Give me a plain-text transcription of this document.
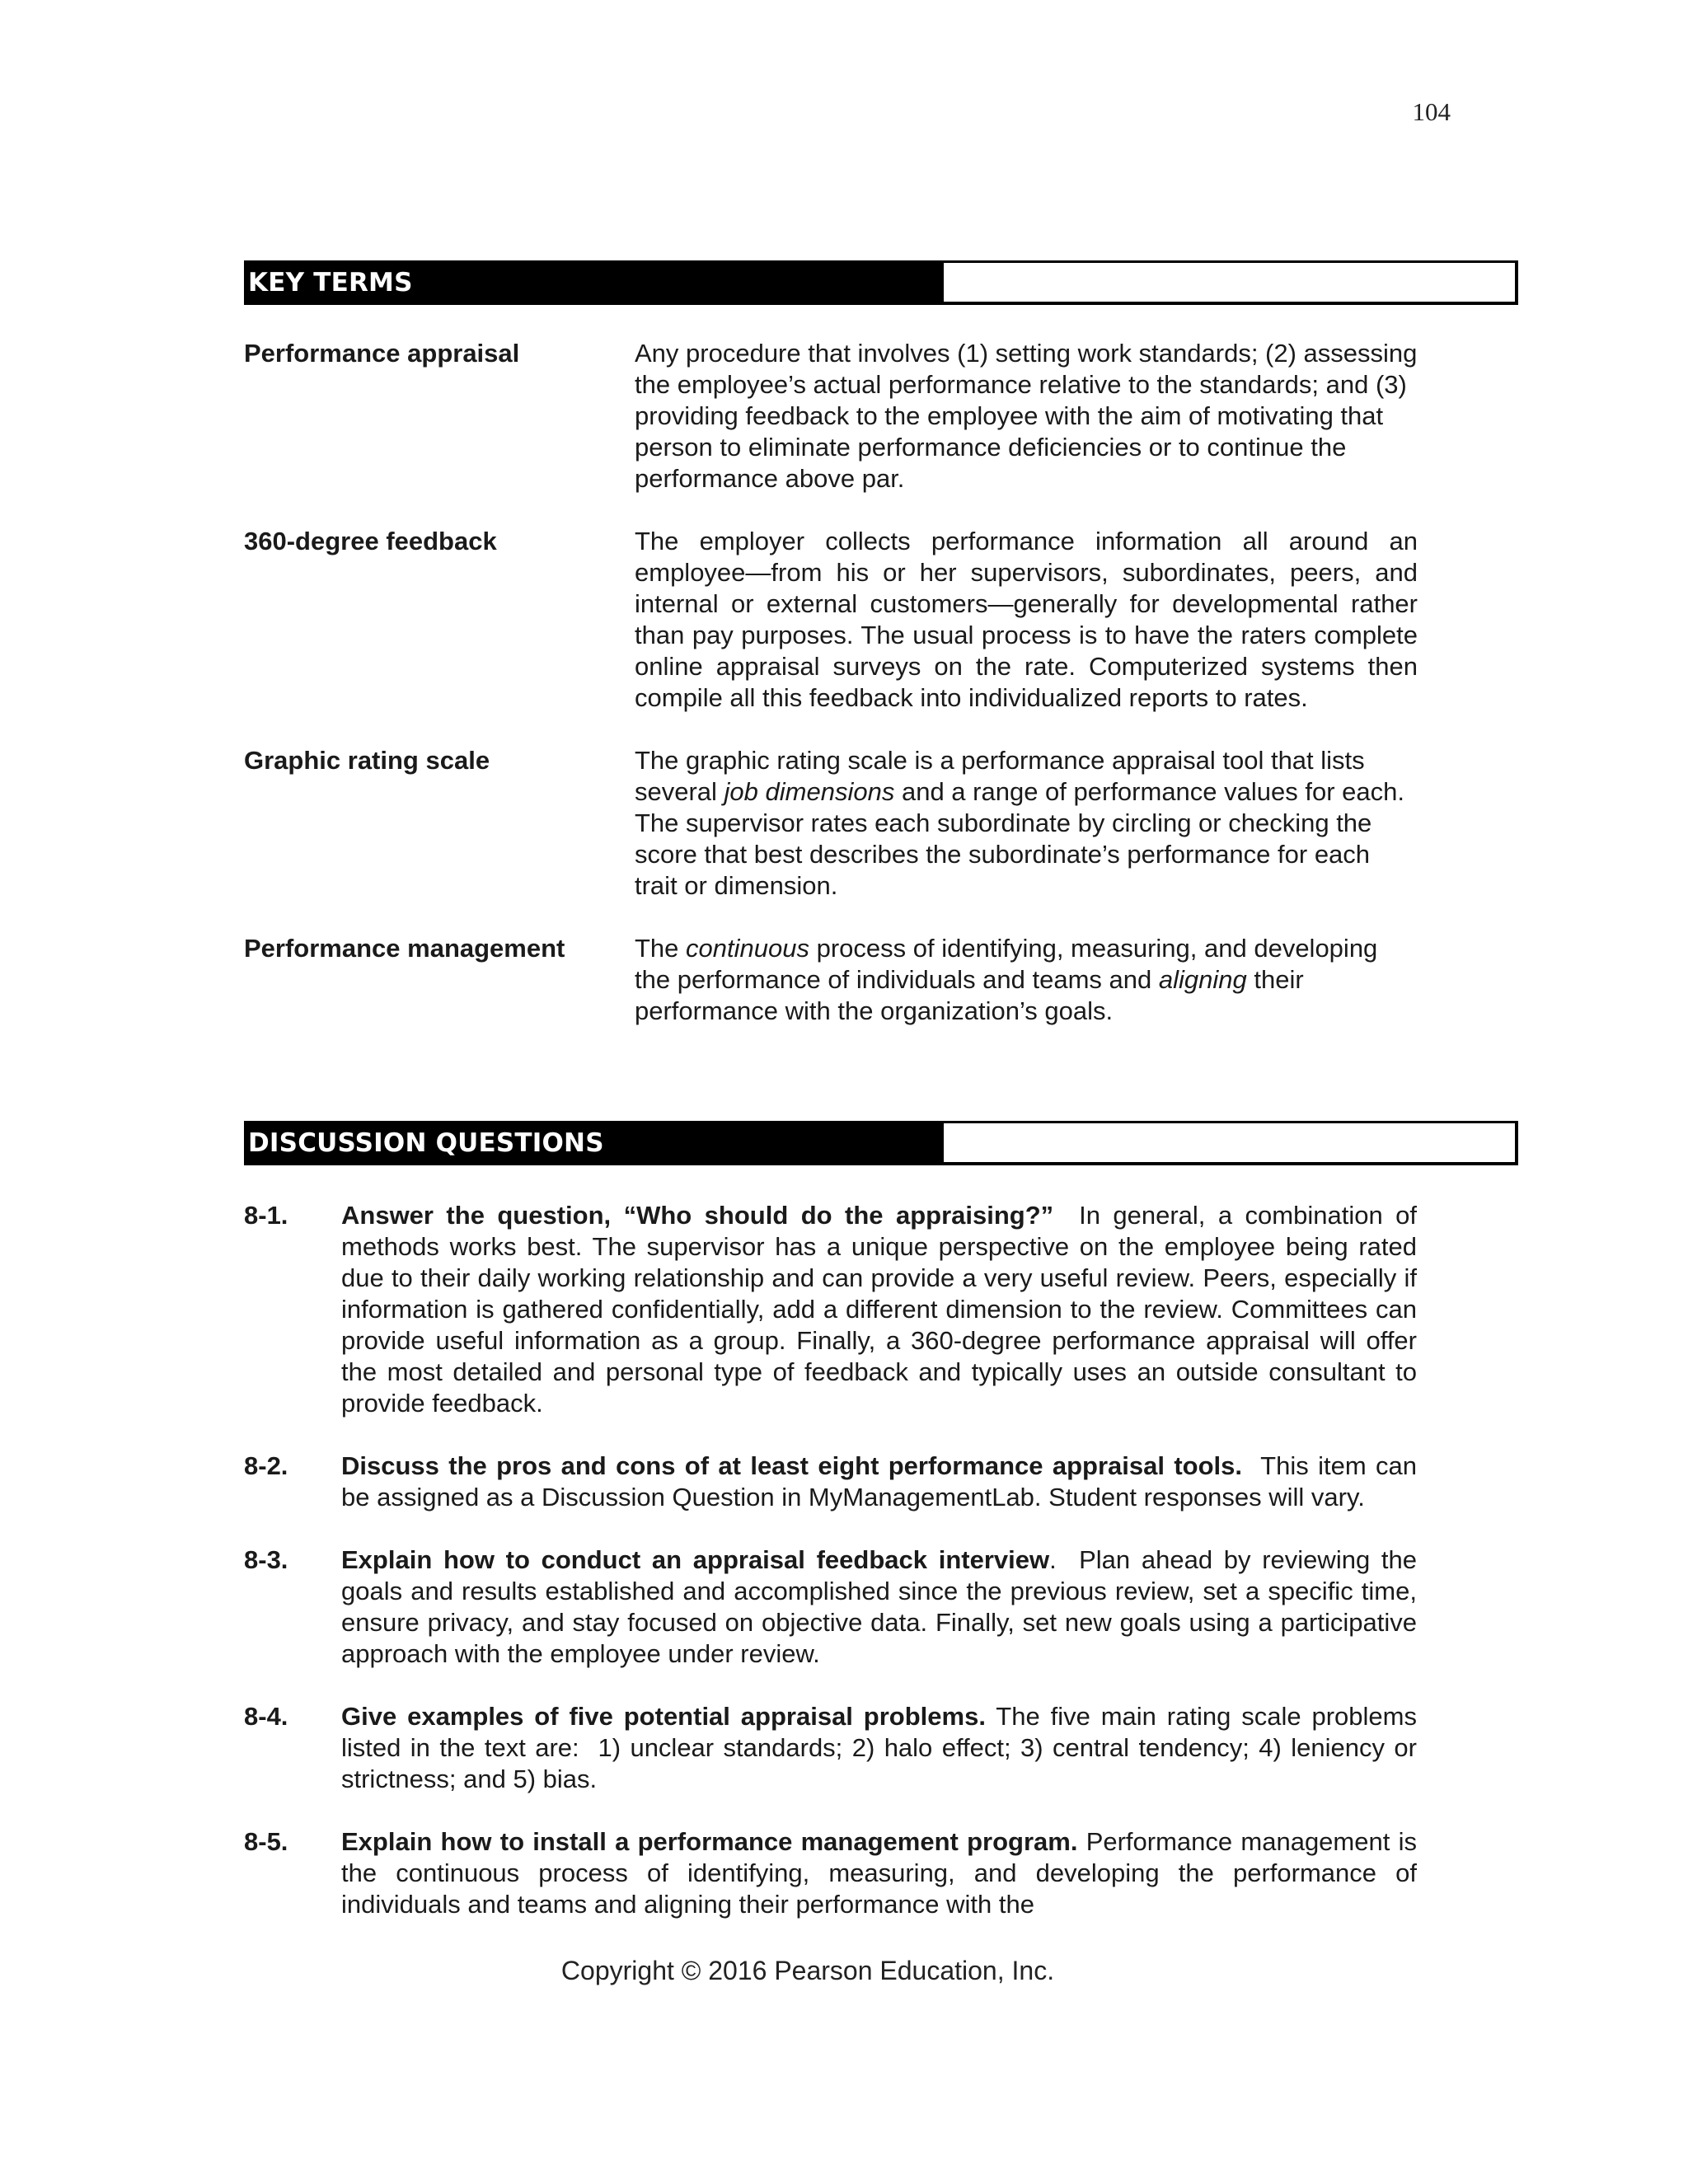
104
KEY TERMS
Performance appraisal	Any procedure that involves (1) setting work standards; (2) assessing the employee’s actual performance relative to the standards; and (3) providing feedback to the employee with the aim of motivating that person to eliminate performance deficiencies or to continue the performance above par.
360-degree feedback	The employer collects performance information all around an employee—from his or her supervisors, subordinates, peers, and internal or external customers—generally for developmental rather than pay purposes. The usual process is to have the raters complete online appraisal surveys on the rate. Computerized systems then compile all this feedback into individualized reports to rates.
Graphic rating scale	The graphic rating scale is a performance appraisal tool that lists several job dimensions and a range of performance values for each. The supervisor rates each subordinate by circling or checking the score that best describes the subordinate’s performance for each trait or dimension.
Performance management	The continuous process of identifying, measuring, and developing the performance of individuals and teams and aligning their performance with the organization’s goals.
DISCUSSION QUESTIONS
8-1.	Answer the question, “Who should do the appraising?”  In general, a combination of methods works best. The supervisor has a unique perspective on the employee being rated due to their daily working relationship and can provide a very useful review. Peers, especially if information is gathered confidentially, add a different dimension to the review. Committees can provide useful information as a group. Finally, a 360-degree performance appraisal will offer the most detailed and personal type of feedback and typically uses an outside consultant to provide feedback.
8-2.	Discuss the pros and cons of at least eight performance appraisal tools.  This item can be assigned as a Discussion Question in MyManagementLab. Student responses will vary.
8-3.	Explain how to conduct an appraisal feedback interview.  Plan ahead by reviewing the goals and results established and accomplished since the previous review, set a specific time, ensure privacy, and stay focused on objective data. Finally, set new goals using a participative approach with the employee under review.
8-4.	Give examples of five potential appraisal problems. The five main rating scale problems listed in the text are:  1) unclear standards; 2) halo effect; 3) central tendency; 4) leniency or strictness; and 5) bias.
8-5.	Explain how to install a performance management program. Performance management is the continuous process of identifying, measuring, and developing the performance of individuals and teams and aligning their performance with the
Copyright © 2016 Pearson Education, Inc.
